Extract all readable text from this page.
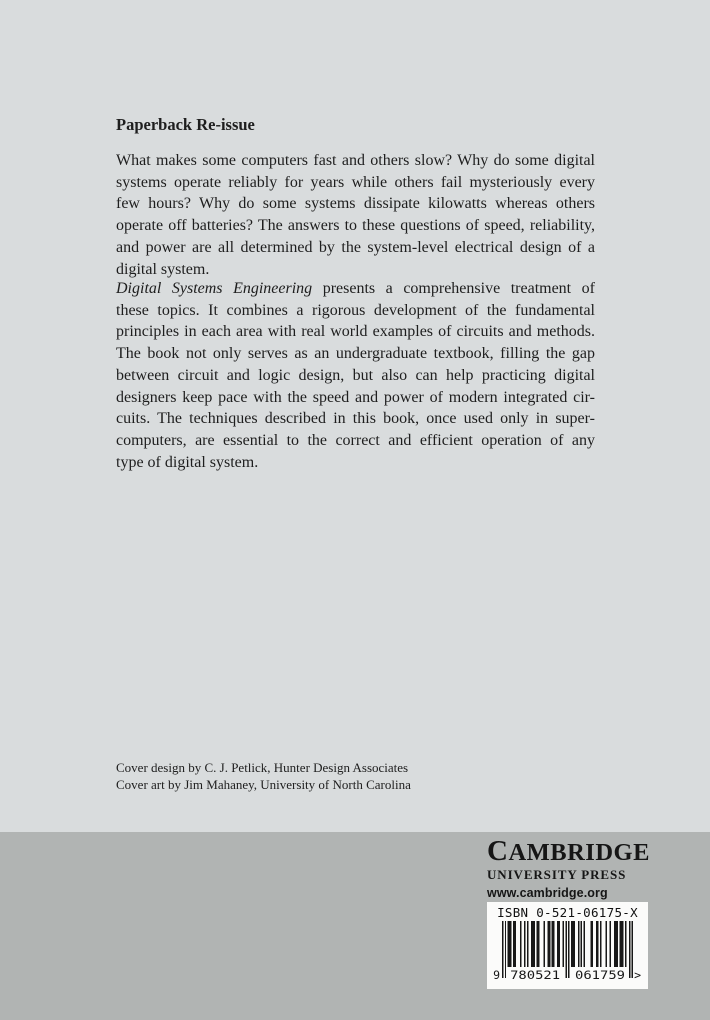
Paperback Re-issue
What makes some computers fast and others slow? Why do some digital
systems operate reliably for years while others fail mysteriously every
few hours? Why do some systems dissipate kilowatts whereas others
operate off batteries? The answers to these questions of speed, reliability,
and power are all determined by the system-level electrical design of a
digital system.
Digital Systems Engineering presents a comprehensive treatment of
these topics. It combines a rigorous development of the fundamental
principles in each area with real world examples of circuits and methods.
The book not only serves as an undergraduate textbook, filling the gap
between circuit and logic design, but also can help practicing digital
designers keep pace with the speed and power of modern integrated cir-
cuits. The techniques described in this book, once used only in super-
computers, are essential to the correct and efficient operation of any
type of digital system.
Cover design by C. J. Petlick, Hunter Design Associates
Cover art by Jim Mahaney, University of North Carolina
CAMBRIDGE
UNIVERSITY PRESS
www.cambridge.org
ISBN 0-521-06175-X
9 780521 061759 >
